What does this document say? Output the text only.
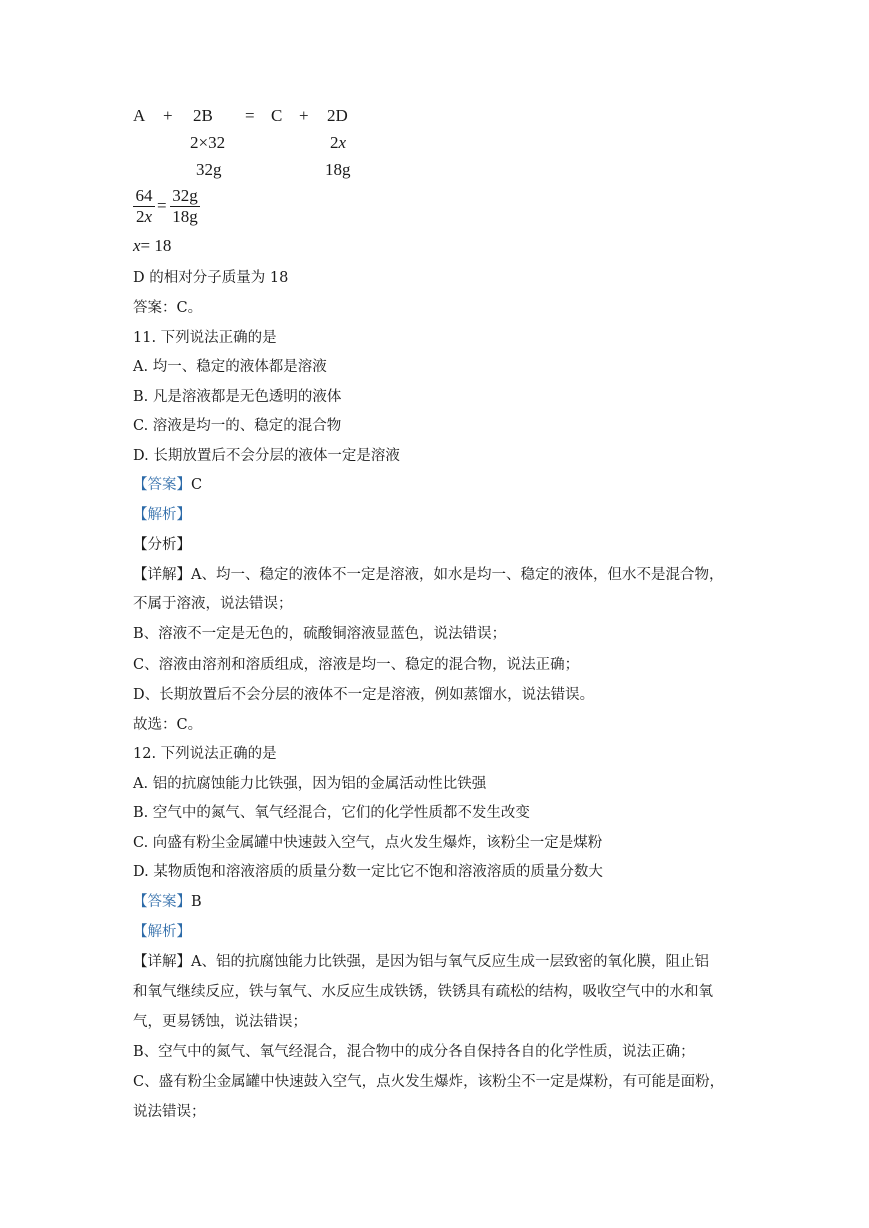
A + 2B = C + 2D
2×32	2x
32g	18g
64
2x
=
32g
18g
x= 18
D 的相对分子质量为 18
答案：C。
11. 下列说法正确的是
A. 均一、稳定的液体都是溶液
B. 凡是溶液都是无色透明的液体
C. 溶液是均一的、稳定的混合物
D. 长期放置后不会分层的液体一定是溶液
【答案】C
【解析】
【分析】
【详解】A、均一、稳定的液体不一定是溶液，如水是均一、稳定的液体，但水不是混合物，
不属于溶液，说法错误；
B、溶液不一定是无色的，硫酸铜溶液显蓝色，说法错误；
C、溶液由溶剂和溶质组成，溶液是均一、稳定的混合物，说法正确；
D、长期放置后不会分层的液体不一定是溶液，例如蒸馏水，说法错误。
故选：C。
12. 下列说法正确的是
A. 铝的抗腐蚀能力比铁强，因为铝的金属活动性比铁强
B. 空气中的氮气、氧气经混合，它们的化学性质都不发生改变
C. 向盛有粉尘金属罐中快速鼓入空气，点火发生爆炸，该粉尘一定是煤粉
D. 某物质饱和溶液溶质的质量分数一定比它不饱和溶液溶质的质量分数大
【答案】B
【解析】
【详解】A、铝的抗腐蚀能力比铁强，是因为铝与氧气反应生成一层致密的氧化膜，阻止铝
和氧气继续反应，铁与氧气、水反应生成铁锈，铁锈具有疏松的结构，吸收空气中的水和氧
气，更易锈蚀，说法错误；
B、空气中的氮气、氧气经混合，混合物中的成分各自保持各自的化学性质，说法正确；
C、盛有粉尘金属罐中快速鼓入空气，点火发生爆炸，该粉尘不一定是煤粉，有可能是面粉，
说法错误；
